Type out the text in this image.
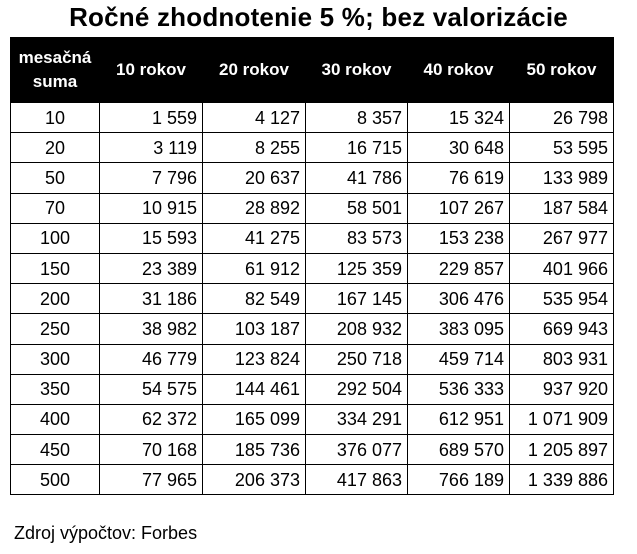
Ročné zhodnotenie 5 %; bez valorizácie
mesačná suma	10 rokov	20 rokov	30 rokov	40 rokov	50 rokov
10	1 559	4 127	8 357	15 324	26 798
20	3 119	8 255	16 715	30 648	53 595
50	7 796	20 637	41 786	76 619	133 989
70	10 915	28 892	58 501	107 267	187 584
100	15 593	41 275	83 573	153 238	267 977
150	23 389	61 912	125 359	229 857	401 966
200	31 186	82 549	167 145	306 476	535 954
250	38 982	103 187	208 932	383 095	669 943
300	46 779	123 824	250 718	459 714	803 931
350	54 575	144 461	292 504	536 333	937 920
400	62 372	165 099	334 291	612 951	1 071 909
450	70 168	185 736	376 077	689 570	1 205 897
500	77 965	206 373	417 863	766 189	1 339 886
Zdroj výpočtov: Forbes
